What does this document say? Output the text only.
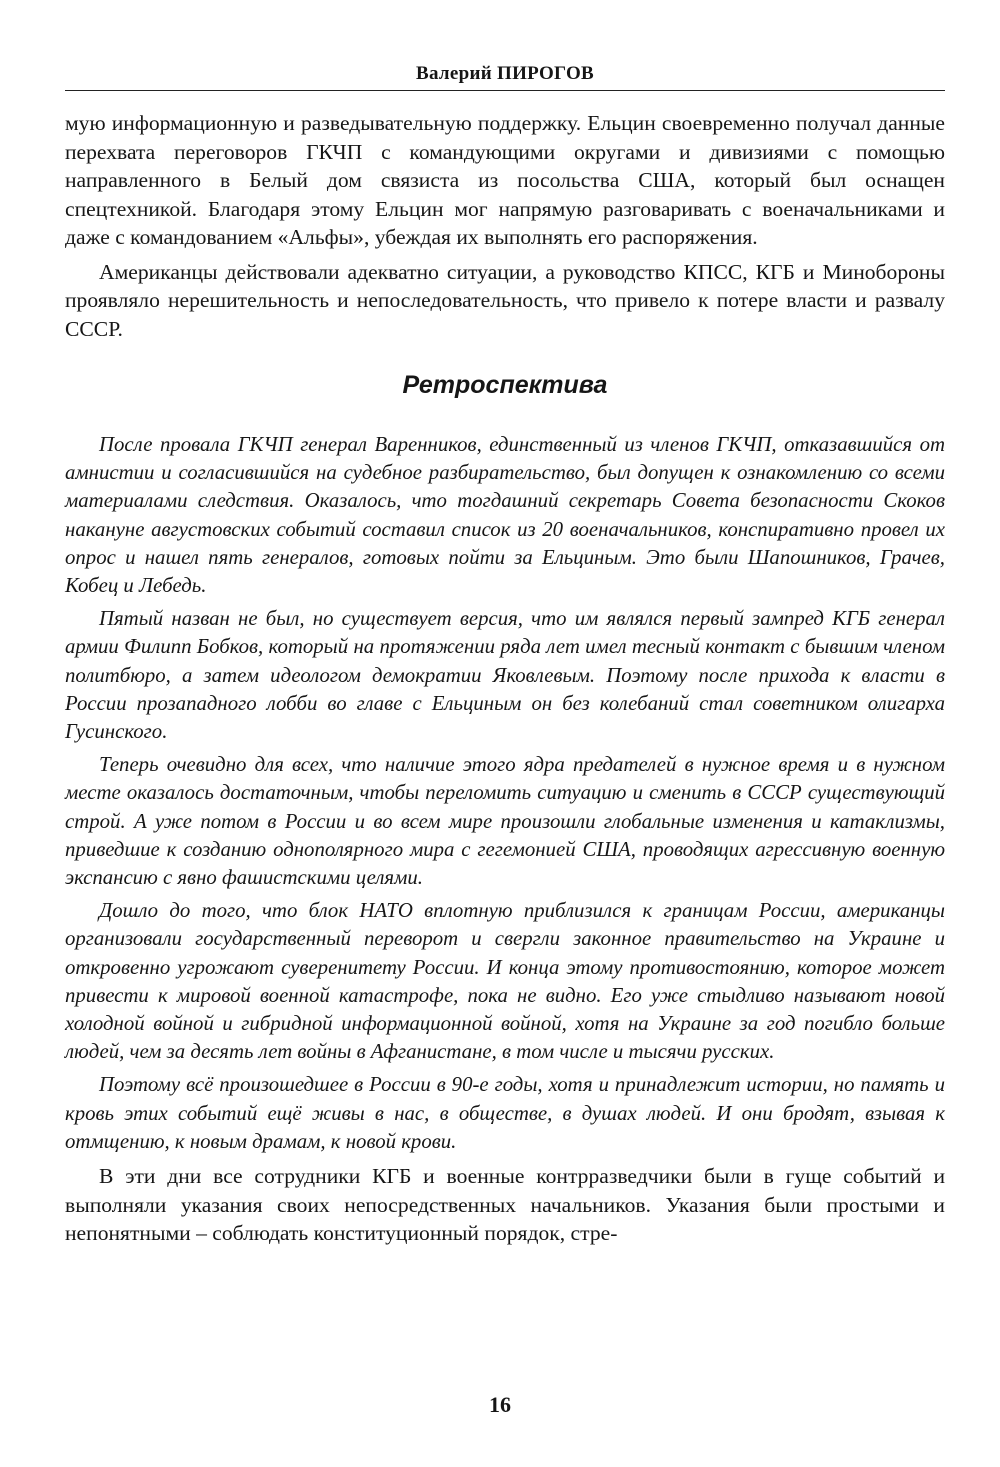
Валерий ПИРОГОВ

мую информационную и разведывательную поддержку. Ельцин своевременно получал данные перехвата переговоров ГКЧП с командующими округами и дивизиями с помощью направленного в Белый дом связиста из посольства США, который был оснащен спецтехникой. Благодаря этому Ельцин мог напрямую разговаривать с военачальниками и даже с командованием «Альфы», убеждая их выполнять его распоряжения.

Американцы действовали адекватно ситуации, а руководство КПСС, КГБ и Минобороны проявляло нерешительность и непоследовательность, что привело к потере власти и развалу СССР.

Ретроспектива

После провала ГКЧП генерал Варенников, единственный из членов ГКЧП, отказавшийся от амнистии и согласившийся на судебное разбирательство, был допущен к ознакомлению со всеми материалами следствия. Оказалось, что тогдашний секретарь Совета безопасности Скоков накануне августовских событий составил список из 20 военачальников, конспиративно провел их опрос и нашел пять генералов, готовых пойти за Ельциным. Это были Шапошников, Грачев, Кобец и Лебедь.

Пятый назван не был, но существует версия, что им являлся первый зампред КГБ генерал армии Филипп Бобков, который на протяжении ряда лет имел тесный контакт с бывшим членом политбюро, а затем идеологом демократии Яковлевым. Поэтому после прихода к власти в России прозападного лобби во главе с Ельциным он без колебаний стал советником олигарха Гусинского.

Теперь очевидно для всех, что наличие этого ядра предателей в нужное время и в нужном месте оказалось достаточным, чтобы переломить ситуацию и сменить в СССР существующий строй. А уже потом в России и во всем мире произошли глобальные изменения и катаклизмы, приведшие к созданию однополярного мира с гегемонией США, проводящих агрессивную военную экспансию с явно фашистскими целями.

Дошло до того, что блок НАТО вплотную приблизился к границам России, американцы организовали государственный переворот и свергли законное правительство на Украине и откровенно угрожают суверенитету России. И конца этому противостоянию, которое может привести к мировой военной катастрофе, пока не видно. Его уже стыдливо называют новой холодной войной и гибридной информационной войной, хотя на Украине за год погибло больше людей, чем за десять лет войны в Афганистане, в том числе и тысячи русских.

Поэтому всё произошедшее в России в 90-е годы, хотя и принадлежит истории, но память и кровь этих событий ещё живы в нас, в обществе, в душах людей. И они бродят, взывая к отмщению, к новым драмам, к новой крови.

В эти дни все сотрудники КГБ и военные контрразведчики были в гуще событий и выполняли указания своих непосредственных начальников. Указания были простыми и непонятными – соблюдать конституционный порядок, стре-

16
